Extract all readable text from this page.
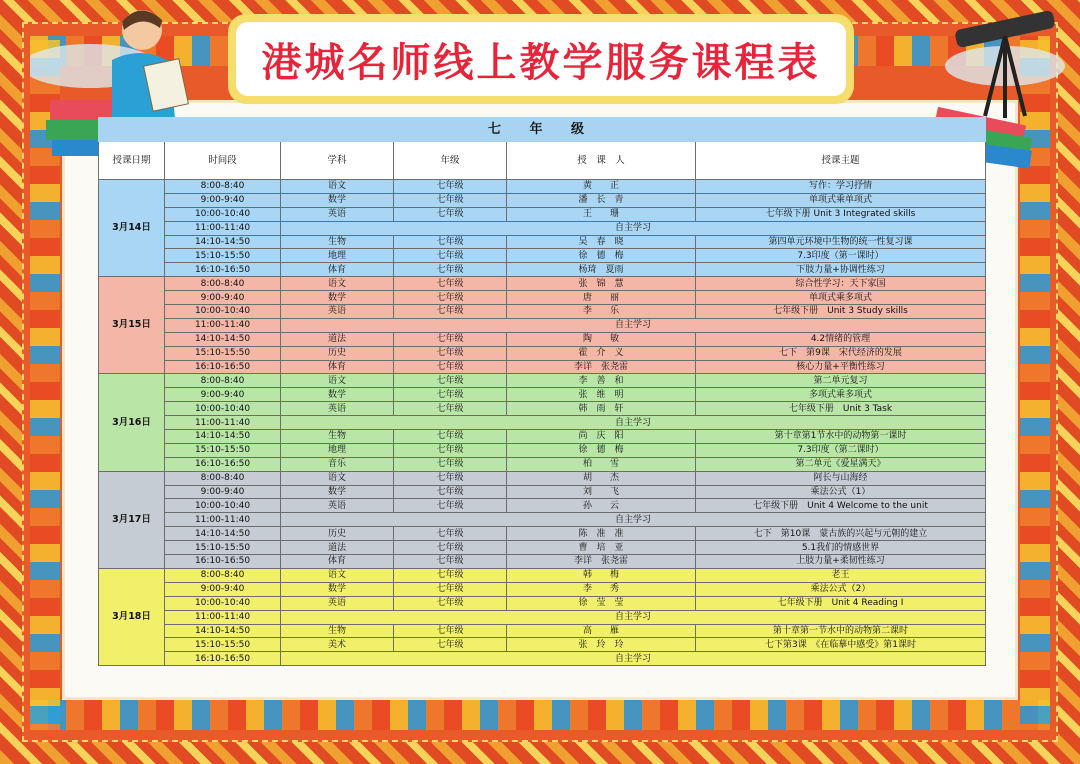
港城名师线上教学服务课程表
七 年 级					
授课日期	时间段	学科	年级	授　课　人	授课主题
3月14日	8:00-8:40	语文	七年级	黄　　正	写作：学习抒情
	9:00-9:40	数学	七年级	潘　长　青	单项式乘单项式
	10:00-10:40	英语	七年级	王　　珊	七年级下册 Unit 3 Integrated skills
	11:00-11:40	自主学习			
	14:10-14:50	生物	七年级	吴　春　晓	第四单元环境中生物的统一性复习课
	15:10-15:50	地理	七年级	徐　德　梅	7.3印度（第一课时）
	16:10-16:50	体育	七年级	杨琦　夏雨	下肢力量+协调性练习
3月15日	8:00-8:40	语文	七年级	张　锦　慧	综合性学习：天下家国
	9:00-9:40	数学	七年级	唐　　丽	单项式乘多项式
	10:00-10:40	英语	七年级	李　　乐	七年级下册　Unit 3 Study skills
	11:00-11:40	自主学习			
	14:10-14:50	道法	七年级	陶　　敏	4.2情绪的管理
	15:10-15:50	历史	七年级	霍　介　义	七下　第9课　宋代经济的发展
	16:10-16:50	体育	七年级	李详　张尧雷	核心力量+平衡性练习
3月16日	8:00-8:40	语文	七年级	李　善　和	第二单元复习
	9:00-9:40	数学	七年级	张　维　明	多项式乘多项式
	10:00-10:40	英语	七年级	韩　雨　轩	七年级下册　Unit 3 Task
	11:00-11:40	自主学习			
	14:10-14:50	生物	七年级	尚　庆　阳	第十章第1节水中的动物第一课时
	15:10-15:50	地理	七年级	徐　德　梅	7.3印度（第二课时）
	16:10-16:50	音乐	七年级	柏　　雪	第二单元《爱星满天》
3月17日	8:00-8:40	语文	七年级	胡　　杰	阿长与山海经
	9:00-9:40	数学	七年级	刘　　飞	乘法公式（1）
	10:00-10:40	英语	七年级	孙　　云	七年级下册　Unit 4 Welcome to the unit
	11:00-11:40	自主学习			
	14:10-14:50	历史	七年级	陈　准　准	七下　第10课　蒙古族的兴起与元朝的建立
	15:10-15:50	道法	七年级	曹　培　亚	5.1我们的情感世界
	16:10-16:50	体育	七年级	李详　张尧雷	上肢力量+柔韧性练习
3月18日	8:00-8:40	语文	七年级	韩　　梅	老王
	9:00-9:40	数学	七年级	李　　秀	乘法公式（2）
	10:00-10:40	英语	七年级	徐　莹　莹	七年级下册　Unit 4 Reading Ⅰ
	11:00-11:40	自主学习			
	14:10-14:50	生物	七年级	高　　雁	第十章第一节水中的动物第二课时
	15:10-15:50	美术	七年级	张　玲　玲	七下第3课　《在临摹中感受》第1课时
	16:10-16:50	自主学习			
